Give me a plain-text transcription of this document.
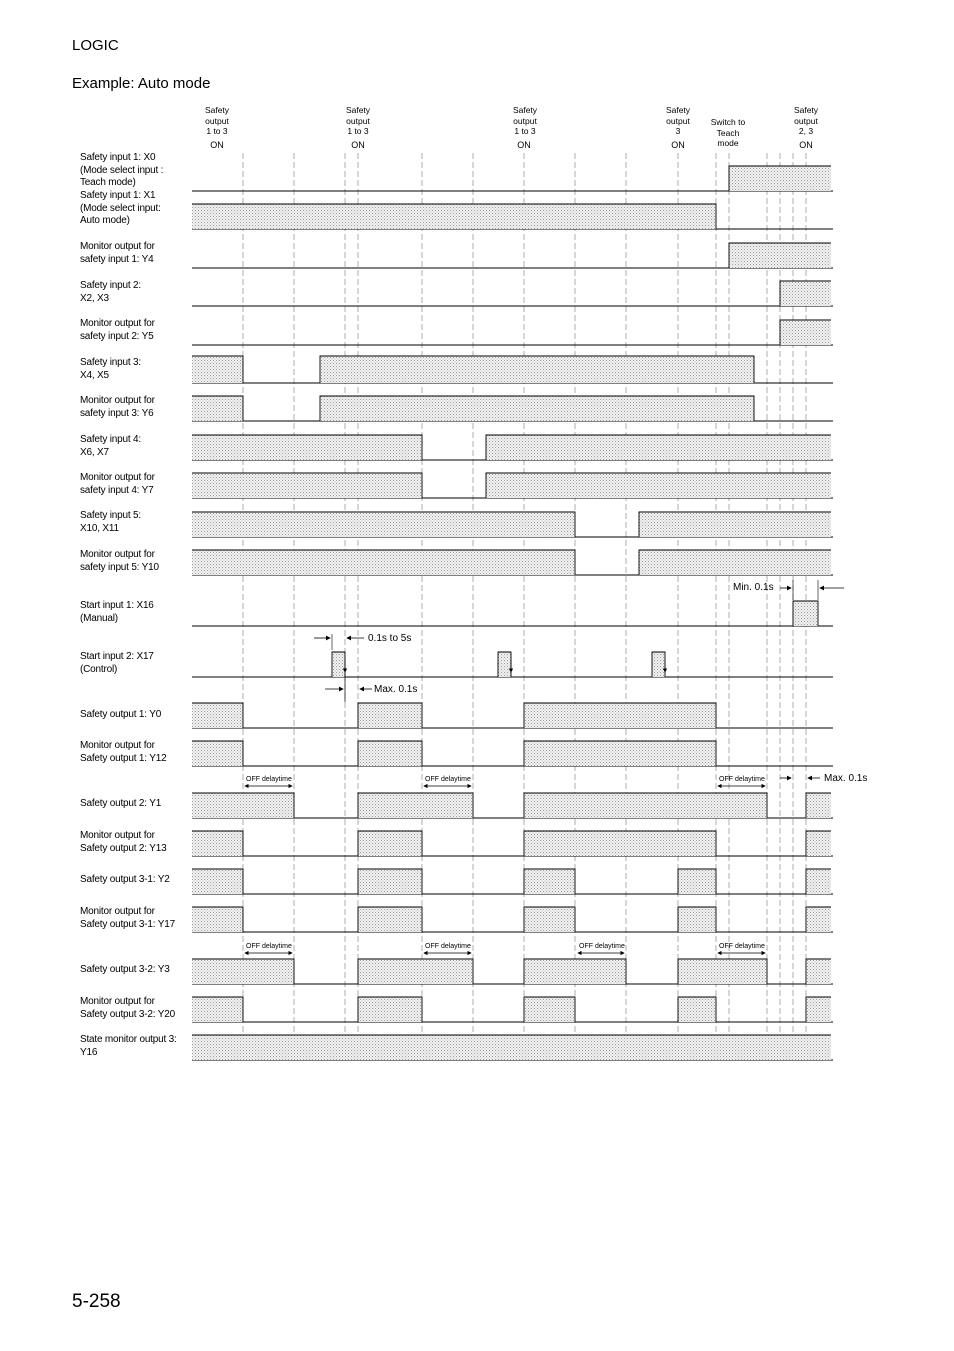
LOGIC
Example: Auto mode
5-258
Safety
output
1 to 3
ON
Safety
output
1 to 3
ON
Safety
output
1 to 3
ON
Safety
output
3
ON
Switch to
Teach
mode
Safety
output
2, 3
ON
Safety input 1: X0
(Mode select input :
Teach mode)
Safety input 1: X1
(Mode select input:
Auto mode)
Monitor output for
safety input 1: Y4
Safety input 2:
X2, X3
Monitor output for
safety input 2: Y5
Safety input 3:
X4, X5
Monitor output for
safety input 3: Y6
Safety input 4:
X6, X7
Monitor output for
safety input 4: Y7
Safety input 5:
X10, X11
Monitor output for
safety input 5: Y10
Start input 1: X16
(Manual)
Start input 2: X17
(Control)
Safety output 1: Y0
Monitor output for
Safety output 1: Y12
Safety output 2: Y1
Monitor output for
Safety output 2: Y13
Safety output 3-1: Y2
Monitor output for
Safety output 3-1: Y17
Safety output 3-2: Y3
Monitor output for
Safety output 3-2: Y20
State monitor output 3:
Y16
Min. 0.1s
0.1s to 5s
Max. 0.1s
Max. 0.1s
OFF delaytime	OFF delaytime	OFF delaytime
OFF delaytime	OFF delaytime	OFF delaytime	OFF delaytime
